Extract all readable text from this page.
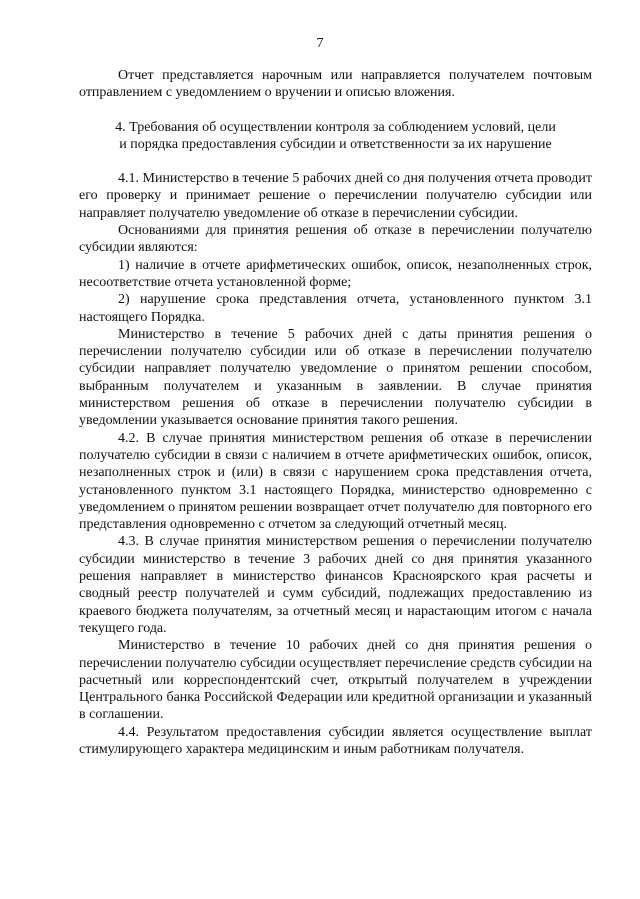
7

Отчет представляется нарочным или направляется получателем почтовым отправлением с уведомлением о вручении и описью вложения.

4. Требования об осуществлении контроля за соблюдением условий, цели
и порядка предоставления субсидии и ответственности за их нарушение

4.1. Министерство в течение 5 рабочих дней со дня получения отчета проводит его проверку и принимает решение о перечислении получателю субсидии или направляет получателю уведомление об отказе в перечислении субсидии.

Основаниями для принятия решения об отказе в перечислении получателю субсидии являются:

1) наличие в отчете арифметических ошибок, описок, незаполненных строк, несоответствие отчета установленной форме;

2) нарушение срока представления отчета, установленного пунктом 3.1 настоящего Порядка.

Министерство в течение 5 рабочих дней с даты принятия решения о перечислении получателю субсидии или об отказе в перечислении получателю субсидии направляет получателю уведомление о принятом решении способом, выбранным получателем и указанным в заявлении. В случае принятия министерством решения об отказе в перечислении получателю субсидии в уведомлении указывается основание принятия такого решения.

4.2. В случае принятия министерством решения об отказе в перечислении получателю субсидии в связи с наличием в отчете арифметических ошибок, описок, незаполненных строк и (или) в связи с нарушением срока представления отчета, установленного пунктом 3.1 настоящего Порядка, министерство одновременно с уведомлением о принятом решении возвращает отчет получателю для повторного его представления одновременно с отчетом за следующий отчетный месяц.

4.3. В случае принятия министерством решения о перечислении получателю субсидии министерство в течение 3 рабочих дней со дня принятия указанного решения направляет в министерство финансов Красноярского края расчеты и сводный реестр получателей и сумм субсидий, подлежащих предоставлению из краевого бюджета получателям, за отчетный месяц и нарастающим итогом с начала текущего года.

Министерство в течение 10 рабочих дней со дня принятия решения о перечислении получателю субсидии осуществляет перечисление средств субсидии на расчетный или корреспондентский счет, открытый получателем в учреждении Центрального банка Российской Федерации или кредитной организации и указанный в соглашении.

4.4. Результатом предоставления субсидии является осуществление выплат стимулирующего характера медицинским и иным работникам получателя.
